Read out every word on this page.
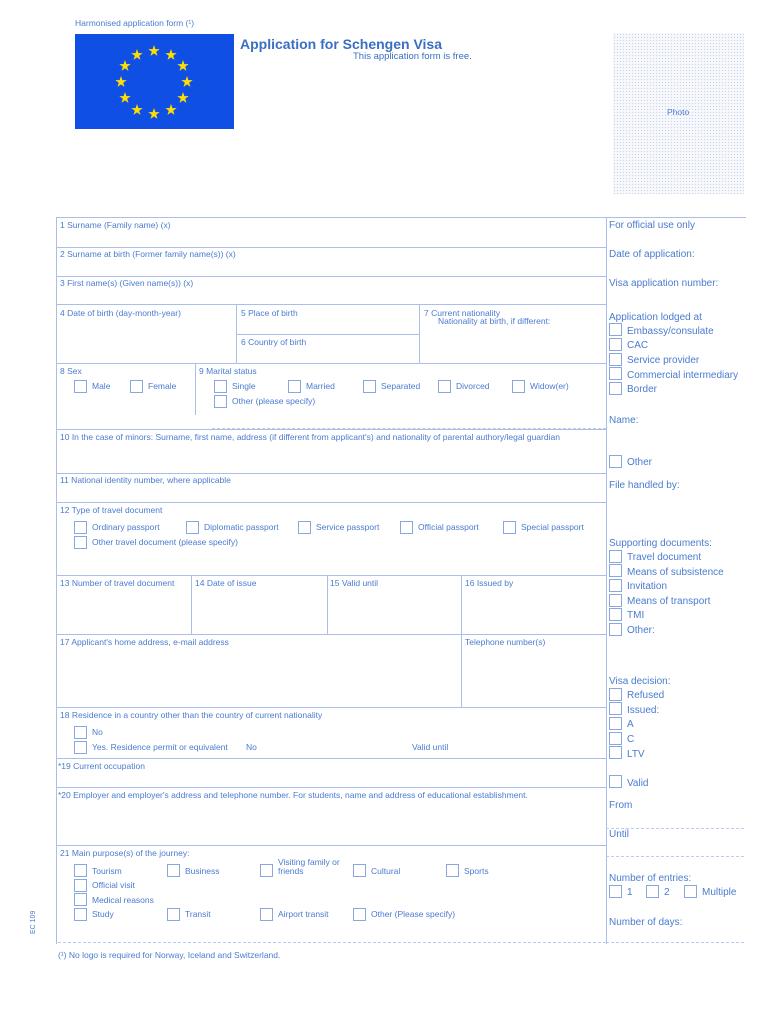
Harmonised application form (¹)
Application for Schengen Visa
This application form is free.
Photo
1 Surname (Family name) (x)
2 Surname at birth (Former family name(s)) (x)
3 First name(s) (Given name(s)) (x)
4 Date of birth (day-month-year)	5 Place of birth
6 Country of birth
7 Current nationality
Nationality at birth, if different:
8 Sex
Male	Female
9 Marital status
Single	Married	Separated	Divorced	Widow(er)
Other (please specify)
10 In the case of minors: Surname, first name, address (if different from applicant's) and nationality of parental authory/legal guardian
11 National identity number, where applicable
12 Type of travel document
Ordinary passport	Diplomatic passport	Service passport	Official passport	Special passport
Other travel document (please specify)
13 Number of travel document 14 Date of issue	15 Valid until	16 Issued by
17 Applicant's home address, e-mail address	Telephone number(s)
18 Residence in a country other than the country of current nationality
No
Yes. Residence permit or equivalent No	Valid until
*19 Current occupation
*20 Employer and employer's address and telephone number. For students, name and address of educational establishment.
21 Main purpose(s) of the journey:
Tourism	Business
Visiting family or
friends	Cultural	Sports
Official visit
Medical reasons
Study	Transit	Airport transit	Other (Please specify)
For official use only
Date of application:
Visa application number:
Application lodged at
Embassy/consulate
CAC
Service provider
Commercial intermediary
Border
Name:
Other
File handled by:
Supporting documents:
Travel document
Means of subsistence
Invitation
Means of transport
TMI
Other:
Visa decision:
Refused
Issued:
A
C
LTV
Valid
From
Until
Number of entries:
1	2	Multiple
Number of days:
(¹) No logo is required for Norway, Iceland and Switzerland.
EC 109
